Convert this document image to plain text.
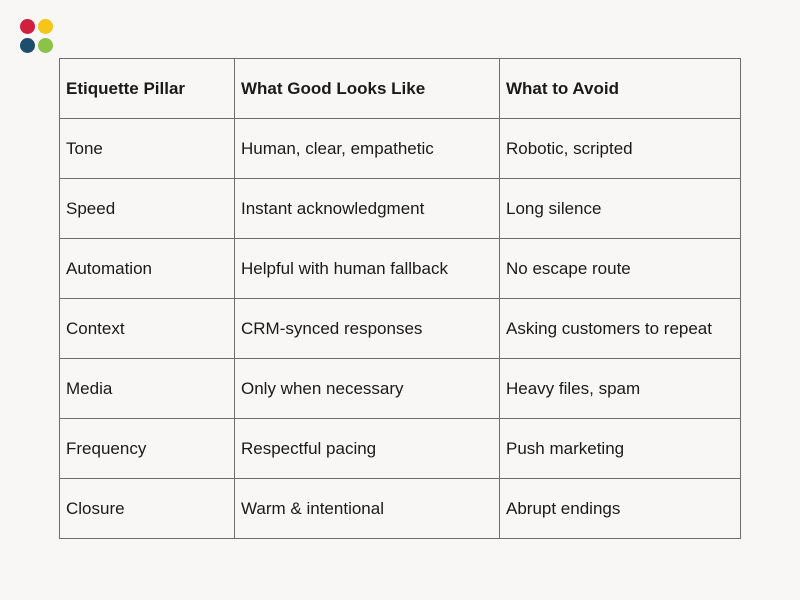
Etiquette Pillar	What Good Looks Like	What to Avoid
Tone	Human, clear, empathetic	Robotic, scripted
Speed	Instant acknowledgment	Long silence
Automation	Helpful with human fallback	No escape route
Context	CRM-synced responses	Asking customers to repeat
Media	Only when necessary	Heavy files, spam
Frequency	Respectful pacing	Push marketing
Closure	Warm & intentional	Abrupt endings
